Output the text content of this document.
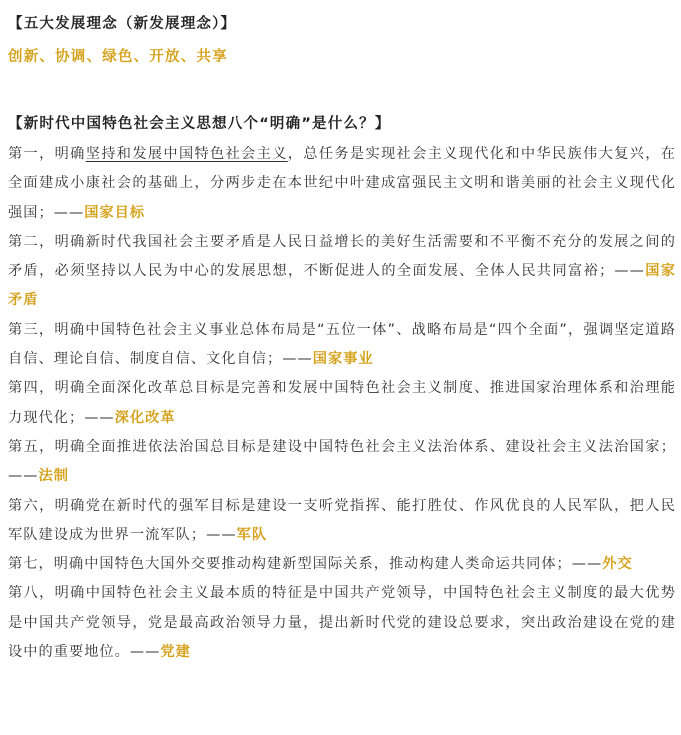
【五大发展理念（新发展理念）】
创新、协调、绿色、开放、共享
【新时代中国特色社会主义思想八个“明确”是什么？】

第一，明确坚持和发展中国特色社会主义，总任务是实现社会主义现代化和中华民族伟大复兴，在全面建成小康社会的基础上，分两步走在本世纪中叶建成富强民主文明和谐美丽的社会主义现代化强国；——国家目标

第二，明确新时代我国社会主要矛盾是人民日益增长的美好生活需要和不平衡不充分的发展之间的矛盾，必须坚持以人民为中心的发展思想，不断促进人的全面发展、全体人民共同富裕；——国家矛盾

第三，明确中国特色社会主义事业总体布局是“五位一体”、战略布局是“四个全面”，强调坚定道路自信、理论自信、制度自信、文化自信；——国家事业

第四，明确全面深化改革总目标是完善和发展中国特色社会主义制度、推进国家治理体系和治理能力现代化；——深化改革

第五，明确全面推进依法治国总目标是建设中国特色社会主义法治体系、建设社会主义法治国家；——法制

第六，明确党在新时代的强军目标是建设一支听党指挥、能打胜仗、作风优良的人民军队，把人民军队建设成为世界一流军队；——军队

第七，明确中国特色大国外交要推动构建新型国际关系，推动构建人类命运共同体；——外交

第八，明确中国特色社会主义最本质的特征是中国共产党领导，中国特色社会主义制度的最大优势是中国共产党领导，党是最高政治领导力量，提出新时代党的建设总要求，突出政治建设在党的建设中的重要地位。——党建
